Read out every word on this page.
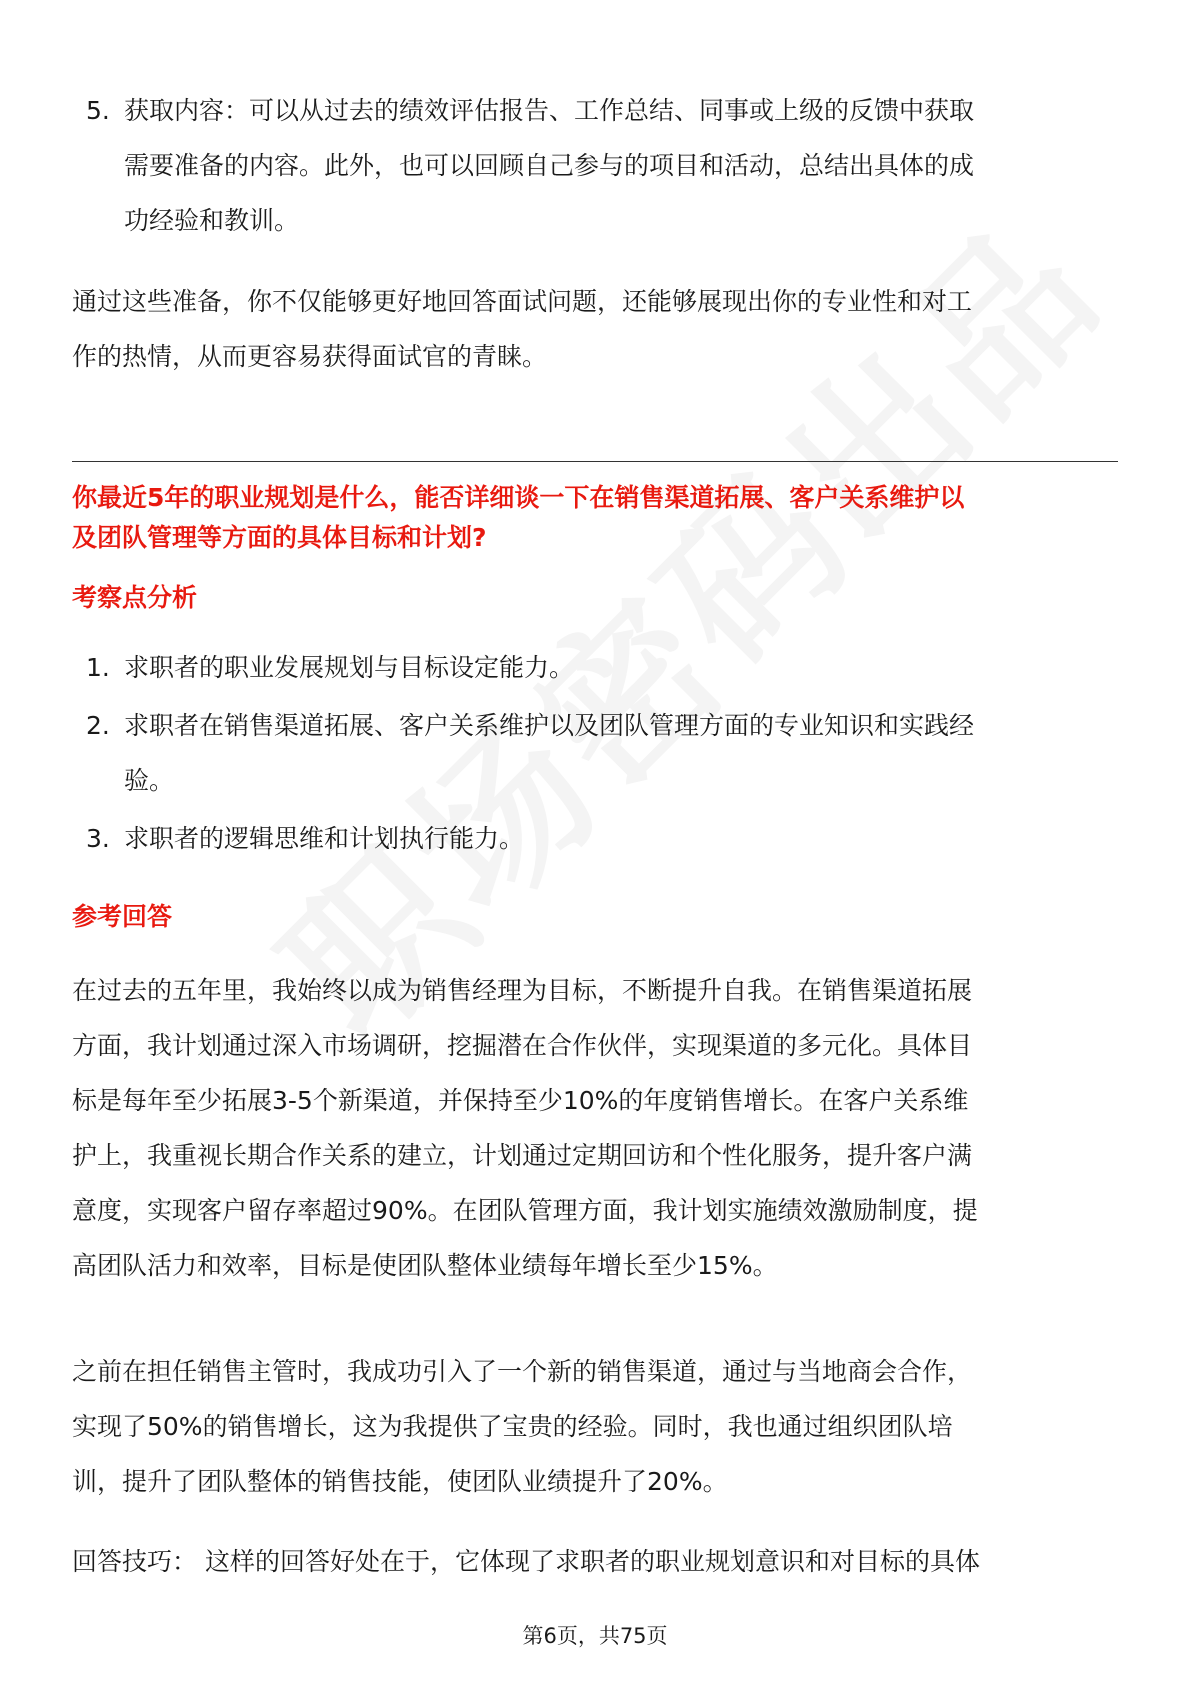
5. 获取内容：可以从过去的绩效评估报告、工作总结、同事或上级的反馈中获取
需要准备的内容。此外，也可以回顾自己参与的项目和活动，总结出具体的成
功经验和教训。
通过这些准备，你不仅能够更好地回答面试问题，还能够展现出你的专业性和对工
作的热情，从而更容易获得面试官的青睐。
你最近5年的职业规划是什么，能否详细谈一下在销售渠道拓展、客户关系维护以
及团队管理等方面的具体目标和计划?
考察点分析
1. 求职者的职业发展规划与目标设定能力。
2. 求职者在销售渠道拓展、客户关系维护以及团队管理方面的专业知识和实践经
验。
3. 求职者的逻辑思维和计划执行能力。
参考回答
在过去的五年里，我始终以成为销售经理为目标，不断提升自我。在销售渠道拓展
方面，我计划通过深入市场调研，挖掘潜在合作伙伴，实现渠道的多元化。具体目
标是每年至少拓展3-5个新渠道，并保持至少10%的年度销售增长。在客户关系维
护上，我重视长期合作关系的建立，计划通过定期回访和个性化服务，提升客户满
意度，实现客户留存率超过90%。在团队管理方面，我计划实施绩效激励制度，提
高团队活力和效率，目标是使团队整体业绩每年增长至少15%。
之前在担任销售主管时，我成功引入了一个新的销售渠道，通过与当地商会合作，
实现了50%的销售增长，这为我提供了宝贵的经验。同时，我也通过组织团队培
训，提升了团队整体的销售技能，使团队业绩提升了20%。
回答技巧： 这样的回答好处在于，它体现了求职者的职业规划意识和对目标的具体
第6页，共75页
